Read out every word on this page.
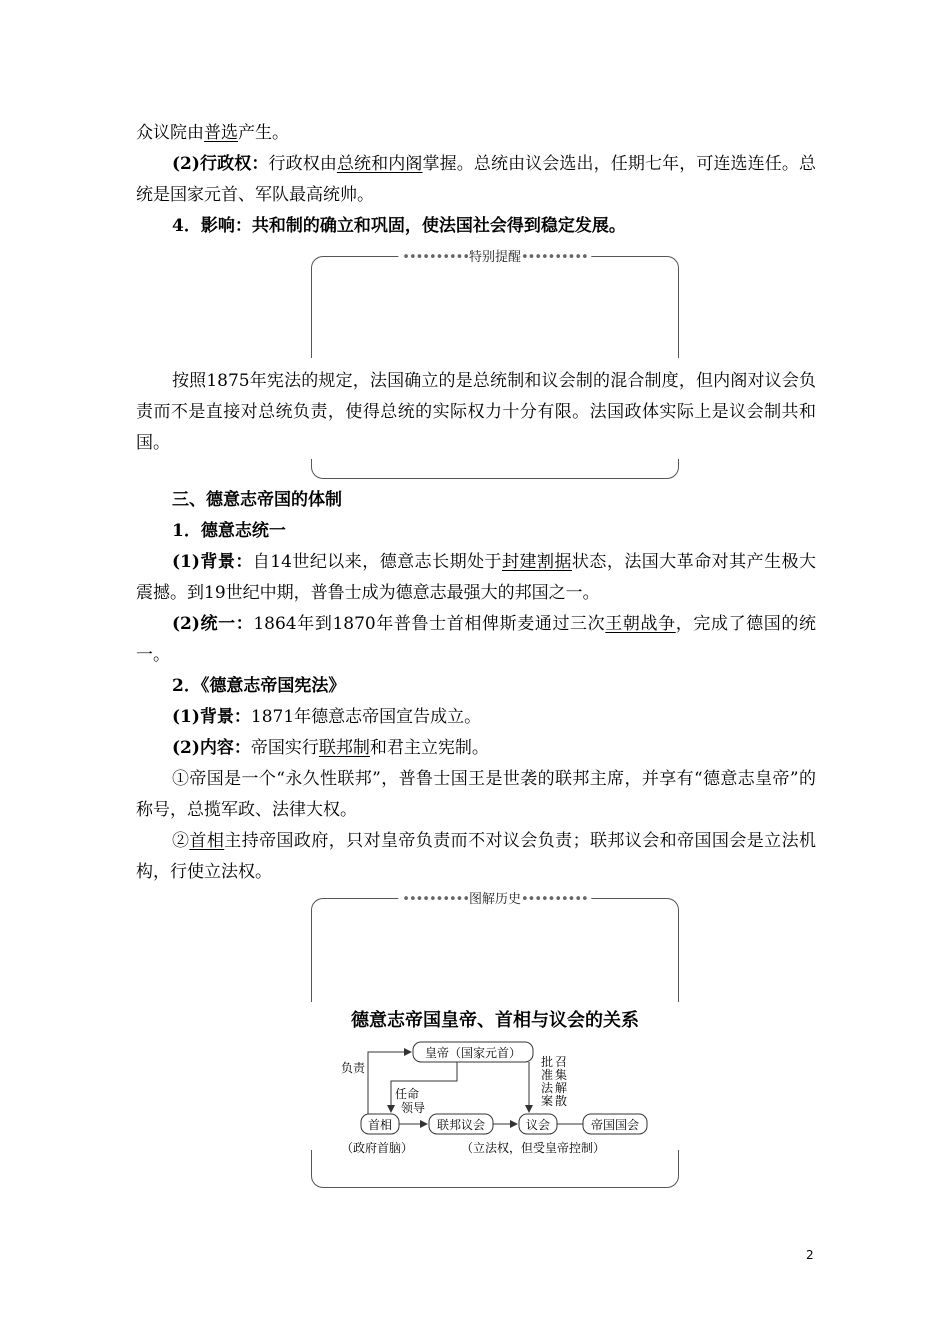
众议院由普选产生。

(2)行政权：行政权由总统和内阁掌握。总统由议会选出，任期七年，可连选连任。总统是国家元首、军队最高统帅。

4．影响：共和制的确立和巩固，使法国社会得到稳定发展。

••••••••••特别提醒••••••••••

按照1875年宪法的规定，法国确立的是总统制和议会制的混合制度，但内阁对议会负责而不是直接对总统负责，使得总统的实际权力十分有限。法国政体实际上是议会制共和国。

三、德意志帝国的体制

1．德意志统一

(1)背景：自14世纪以来，德意志长期处于封建割据状态，法国大革命对其产生极大震撼。到19世纪中期，普鲁士成为德意志最强大的邦国之一。

(2)统一：1864年到1870年普鲁士首相俾斯麦通过三次王朝战争，完成了德国的统一。

2．《德意志帝国宪法》

(1)背景：1871年德意志帝国宣告成立。

(2)内容：帝国实行联邦制和君主立宪制。

①帝国是一个“永久性联邦”，普鲁士国王是世袭的联邦主席，并享有“德意志皇帝”的称号，总揽军政、法律大权。

②首相主持帝国政府，只对皇帝负责而不对议会负责；联邦议会和帝国国会是立法机构，行使立法权。

••••••••••图解历史••••••••••
德意志帝国皇帝、首相与议会的关系
皇帝（国家元首）
首相	联邦议会	议会	帝国国会
负责
任命
领导
批准法案
召集解散
（政府首脑）	（立法权，但受皇帝控制）
2
